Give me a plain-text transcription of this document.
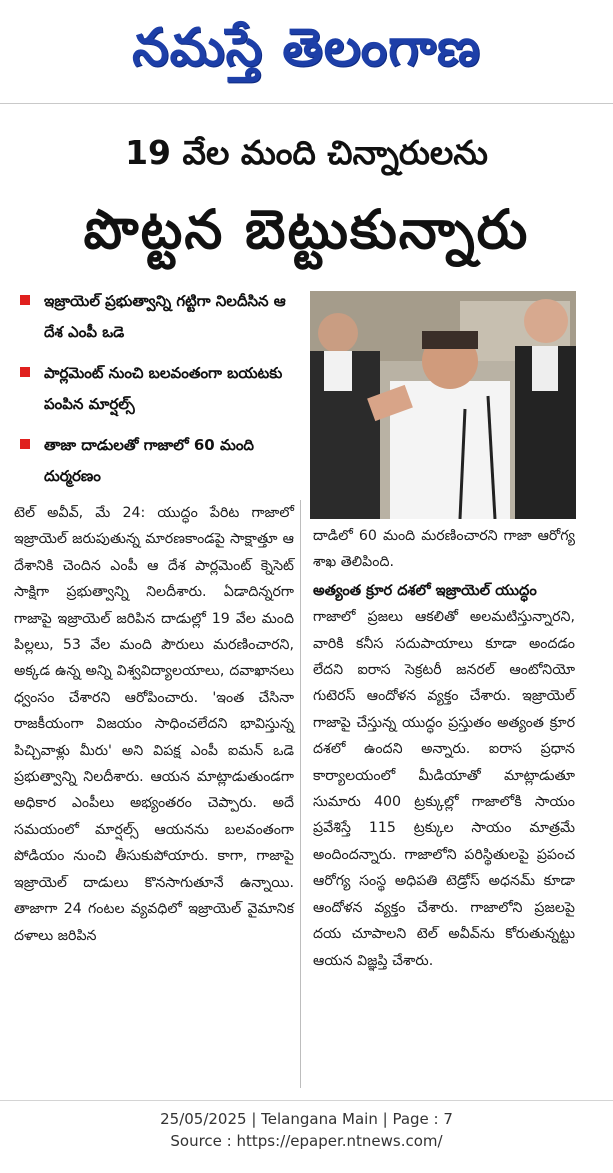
నమస్తే తెలంగాణ
19 వేల మంది చిన్నారులను
పొట్టన బెట్టుకున్నారు
ఇజ్రాయెల్ ప్రభుత్వాన్ని గట్టిగా నిలదీసిన ఆ దేశ ఎంపీ ఒడె
పార్లమెంట్ నుంచి బలవంతంగా బయటకు పంపిన మార్షల్స్
తాజా దాడులతో గాజాలో 60 మంది దుర్మరణం

టెల్ అవీవ్, మే 24: యుద్ధం పేరిట గాజాలో ఇజ్రాయెల్ జరుపుతున్న మారణకాండపై సాక్షాత్తూ ఆ దేశానికి చెందిన ఎంపీ ఆ దేశ పార్లమెంట్ క్నెసెట్ సాక్షిగా ప్రభుత్వాన్ని నిలదీశారు. ఏడాదిన్నరగా గాజాపై ఇజ్రాయెల్ జరిపిన దాడుల్లో 19 వేల మంది పిల్లలు, 53 వేల మంది పౌరులు మరణించారని, అక్కడ ఉన్న అన్ని విశ్వవిద్యాలయాలు, దవాఖానలు ధ్వంసం చేశారని ఆరోపించారు. 'ఇంత చేసినా రాజకీయంగా విజయం సాధించలేదని భావిస్తున్న పిచ్చివాళ్లు మీరు' అని విపక్ష ఎంపీ ఐమన్ ఒడె ప్రభుత్వాన్ని నిలదీశారు. ఆయన మాట్లాడుతుండగా అధికార ఎంపీలు అభ్యంతరం చెప్పారు. అదే సమయంలో మార్షల్స్ ఆయనను బలవంతంగా పోడియం నుంచి తీసుకుపోయారు. కాగా, గాజాపై ఇజ్రాయెల్ దాడులు కొనసాగుతూనే ఉన్నాయి. తాజాగా 24 గంటల వ్యవధిలో ఇజ్రాయెల్ వైమానిక దళాలు జరిపిన

దాడిలో 60 మంది మరణించారని గాజా ఆరోగ్య శాఖ తెలిపింది.

అత్యంత క్రూర దశలో ఇజ్రాయెల్ యుద్ధం

గాజాలో ప్రజలు ఆకలితో అలమటిస్తున్నారని, వారికి కనీస సదుపాయాలు కూడా అందడం లేదని ఐరాస సెక్రటరీ జనరల్ ఆంటోనియో గుటెరస్ ఆందోళన వ్యక్తం చేశారు. ఇజ్రాయెల్ గాజాపై చేస్తున్న యుద్ధం ప్రస్తుతం అత్యంత క్రూర దశలో ఉందని అన్నారు. ఐరాస ప్రధాన కార్యాలయంలో మీడియాతో మాట్లాడుతూ సుమారు 400 ట్రక్కుల్లో గాజాలోకి సాయం ప్రవేశిస్తే 115 ట్రక్కుల సాయం మాత్రమే అందిందన్నారు. గాజాలోని పరిస్థితులపై ప్రపంచ ఆరోగ్య సంస్థ అధిపతి టెడ్రోస్ అధనమ్ కూడా ఆందోళన వ్యక్తం చేశారు. గాజాలోని ప్రజలపై దయ చూపాలని టెల్ అవీవ్‌ను కోరుతున్నట్టు ఆయన విజ్ఞప్తి చేశారు.

25/05/2025 | Telangana Main | Page : 7
Source : https://epaper.ntnews.com/
